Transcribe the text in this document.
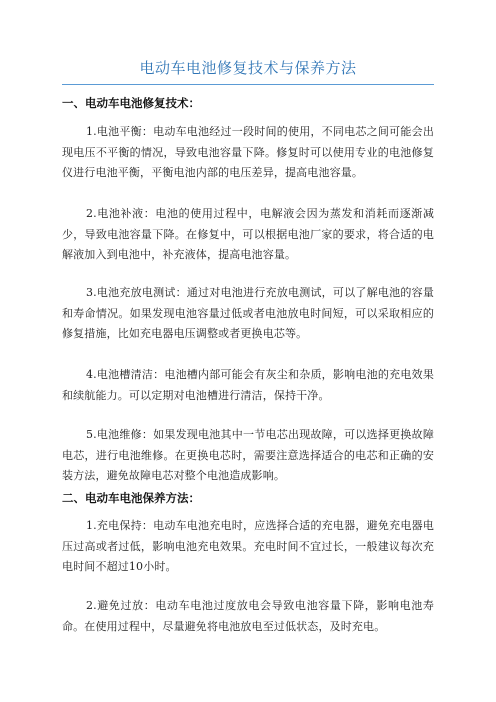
电动车电池修复技术与保养方法
一、电动车电池修复技术：
1.电池平衡：电动车电池经过一段时间的使用，不同电芯之间可能会出现电压不平衡的情况，导致电池容量下降。修复时可以使用专业的电池修复仪进行电池平衡，平衡电池内部的电压差异，提高电池容量。
2.电池补液：电池的使用过程中，电解液会因为蒸发和消耗而逐渐减少，导致电池容量下降。在修复中，可以根据电池厂家的要求，将合适的电解液加入到电池中，补充液体，提高电池容量。
3.电池充放电测试：通过对电池进行充放电测试，可以了解电池的容量和寿命情况。如果发现电池容量过低或者电池放电时间短，可以采取相应的修复措施，比如充电器电压调整或者更换电芯等。
4.电池槽清洁：电池槽内部可能会有灰尘和杂质，影响电池的充电效果和续航能力。可以定期对电池槽进行清洁，保持干净。
5.电池维修：如果发现电池其中一节电芯出现故障，可以选择更换故障电芯，进行电池维修。在更换电芯时，需要注意选择适合的电芯和正确的安装方法，避免故障电芯对整个电池造成影响。
二、电动车电池保养方法：
1.充电保持：电动车电池充电时，应选择合适的充电器，避免充电器电压过高或者过低，影响电池充电效果。充电时间不宜过长，一般建议每次充电时间不超过10小时。
2.避免过放：电动车电池过度放电会导致电池容量下降，影响电池寿命。在使用过程中，尽量避免将电池放电至过低状态，及时充电。
